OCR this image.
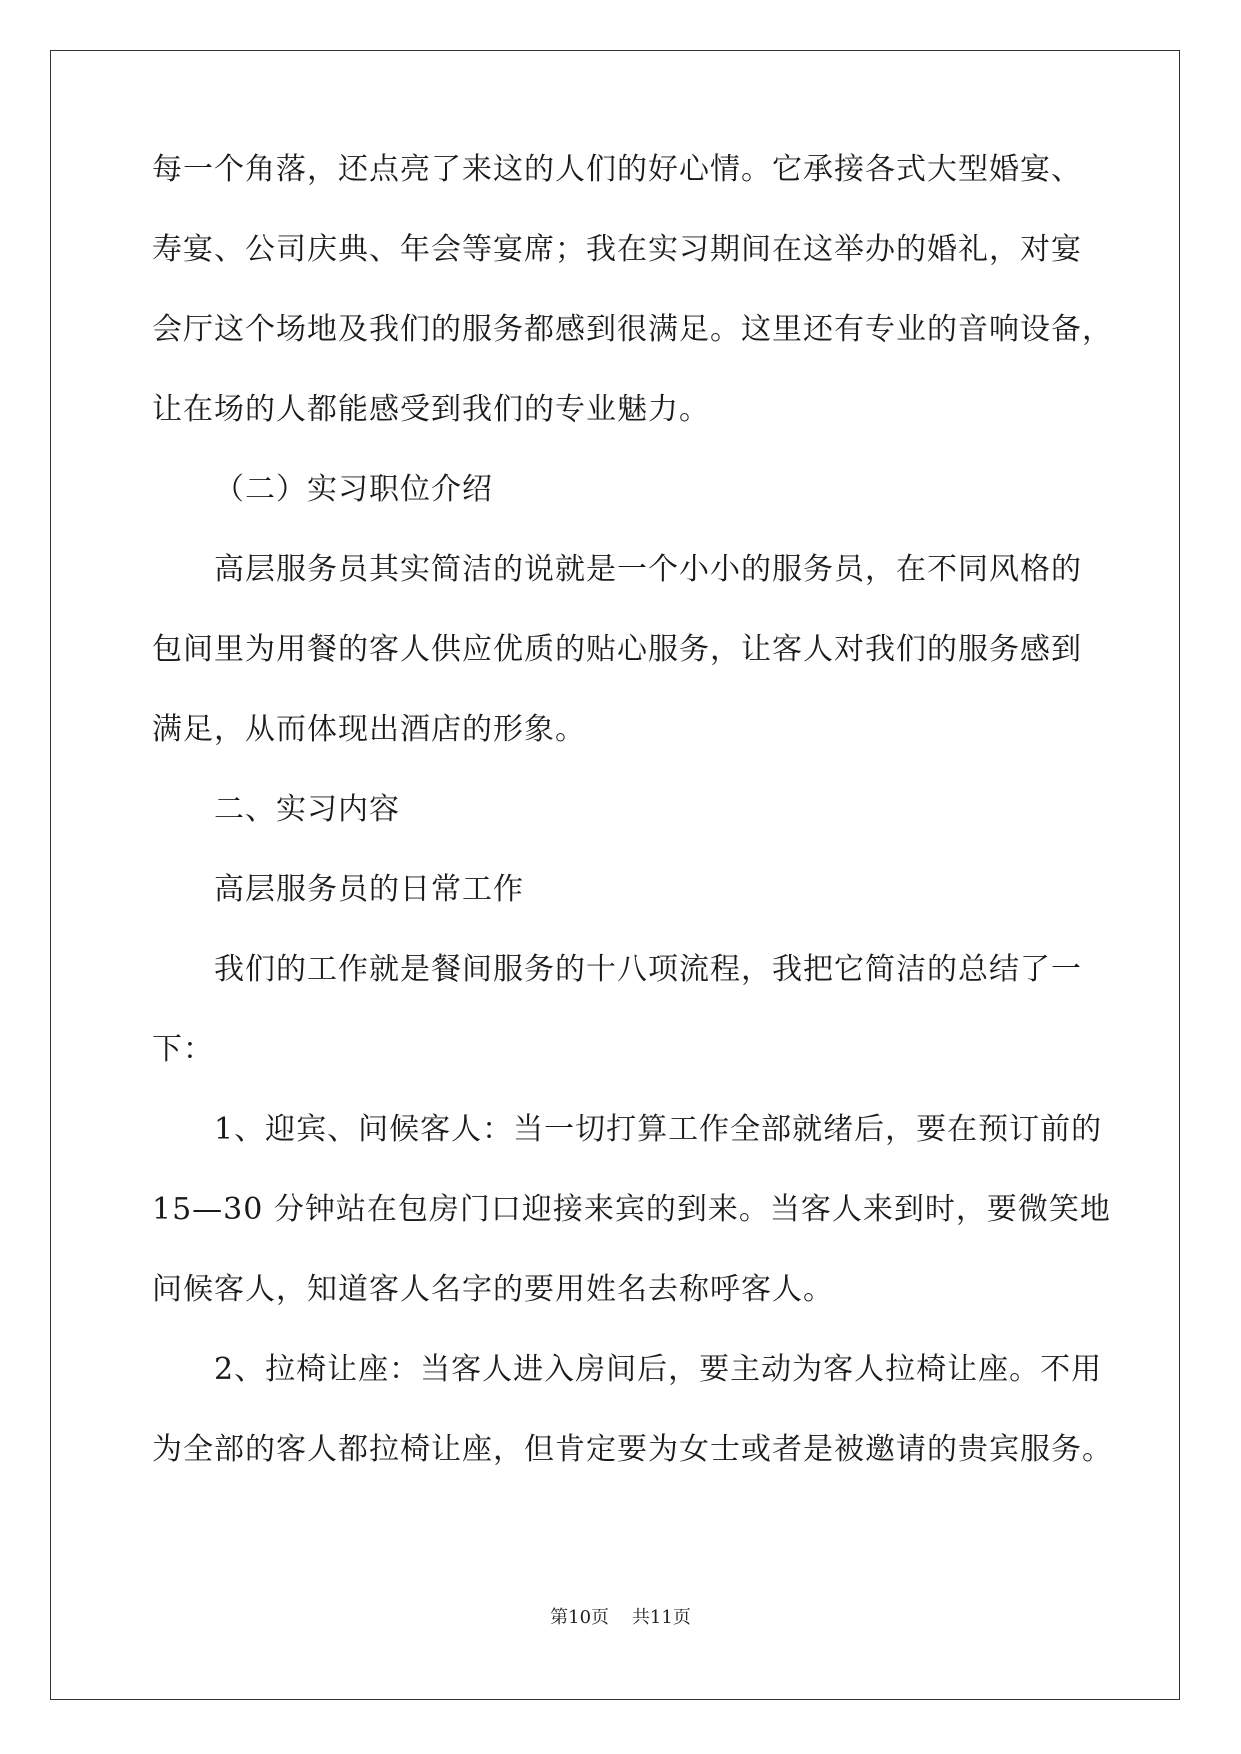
每一个角落，还点亮了来这的人们的好心情。它承接各式大型婚宴、
寿宴、公司庆典、年会等宴席；我在实习期间在这举办的婚礼，对宴
会厅这个场地及我们的服务都感到很满足。这里还有专业的音响设备，
让在场的人都能感受到我们的专业魅力。
（二）实习职位介绍
高层服务员其实简洁的说就是一个小小的服务员，在不同风格的
包间里为用餐的客人供应优质的贴心服务，让客人对我们的服务感到
满足，从而体现出酒店的形象。
二、实习内容
高层服务员的日常工作
我们的工作就是餐间服务的十八项流程，我把它简洁的总结了一
下：
1、迎宾、问候客人：当一切打算工作全部就绪后，要在预订前的
15—30 分钟站在包房门口迎接来宾的到来。当客人来到时，要微笑地
问候客人，知道客人名字的要用姓名去称呼客人。
2、拉椅让座：当客人进入房间后，要主动为客人拉椅让座。不用
为全部的客人都拉椅让座，但肯定要为女士或者是被邀请的贵宾服务。
第10页    共11页
